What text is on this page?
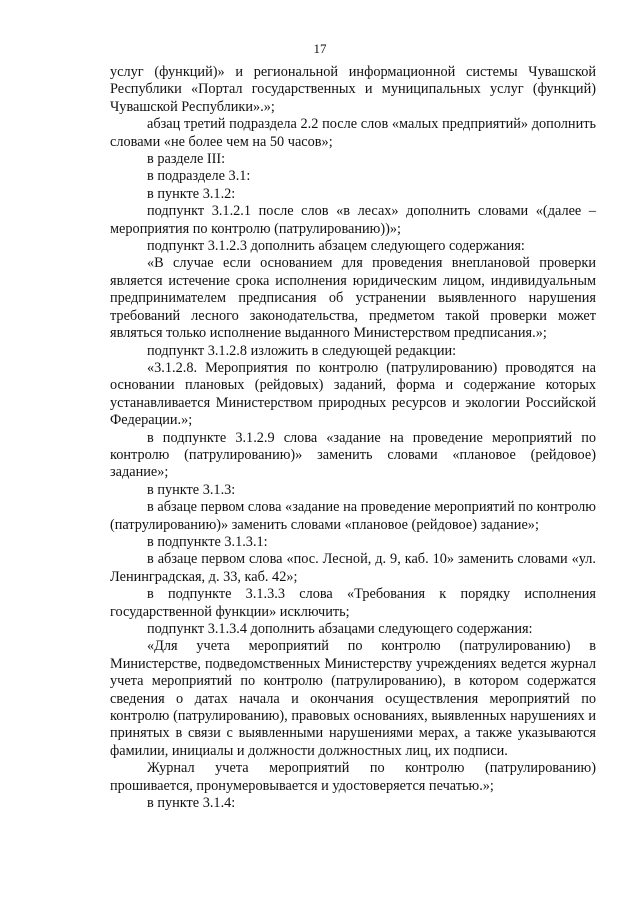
17

услуг (функций)» и региональной информационной системы Чувашской Республики «Портал государственных и муниципальных услуг (функций) Чувашской Республики».»;

абзац третий подраздела 2.2 после слов «малых предприятий» дополнить словами «не более чем на 50 часов»;

в разделе III:

в подразделе 3.1:

в пункте 3.1.2:

подпункт 3.1.2.1 после слов «в лесах» дополнить словами «(далее – мероприятия по контролю (патрулированию))»;

подпункт 3.1.2.3 дополнить абзацем следующего содержания:

«В случае если основанием для проведения внеплановой проверки является истечение срока исполнения юридическим лицом, индивидуальным предпринимателем предписания об устранении выявленного нарушения требований лесного законодательства, предметом такой проверки может являться только исполнение выданного Министерством предписания.»;

подпункт 3.1.2.8 изложить в следующей редакции:

«3.1.2.8. Мероприятия по контролю (патрулированию) проводятся на основании плановых (рейдовых) заданий, форма и содержание которых устанавливается Министерством природных ресурсов и экологии Российской Федерации.»;

в подпункте 3.1.2.9 слова «задание на проведение мероприятий по контролю (патрулированию)» заменить словами «плановое (рейдовое) задание»;

в пункте 3.1.3:

в абзаце первом слова «задание на проведение мероприятий по контролю (патрулированию)» заменить словами «плановое (рейдовое) задание»;

в подпункте 3.1.3.1:

в абзаце первом слова «пос. Лесной, д. 9, каб. 10» заменить словами «ул. Ленинградская, д. 33, каб. 42»;

в подпункте 3.1.3.3 слова «Требования к порядку исполнения государственной функции» исключить;

подпункт 3.1.3.4 дополнить абзацами следующего содержания:

«Для учета мероприятий по контролю (патрулированию) в Министерстве, подведомственных Министерству учреждениях ведется журнал учета мероприятий по контролю (патрулированию), в котором содержатся сведения о датах начала и окончания осуществления мероприятий по контролю (патрулированию), правовых основаниях, выявленных нарушениях и принятых в связи с выявленными нарушениями мерах, а также указываются фамилии, инициалы и должности должностных лиц, их подписи.

Журнал учета мероприятий по контролю (патрулированию) прошивается, пронумеровывается и удостоверяется печатью.»;

в пункте 3.1.4:
